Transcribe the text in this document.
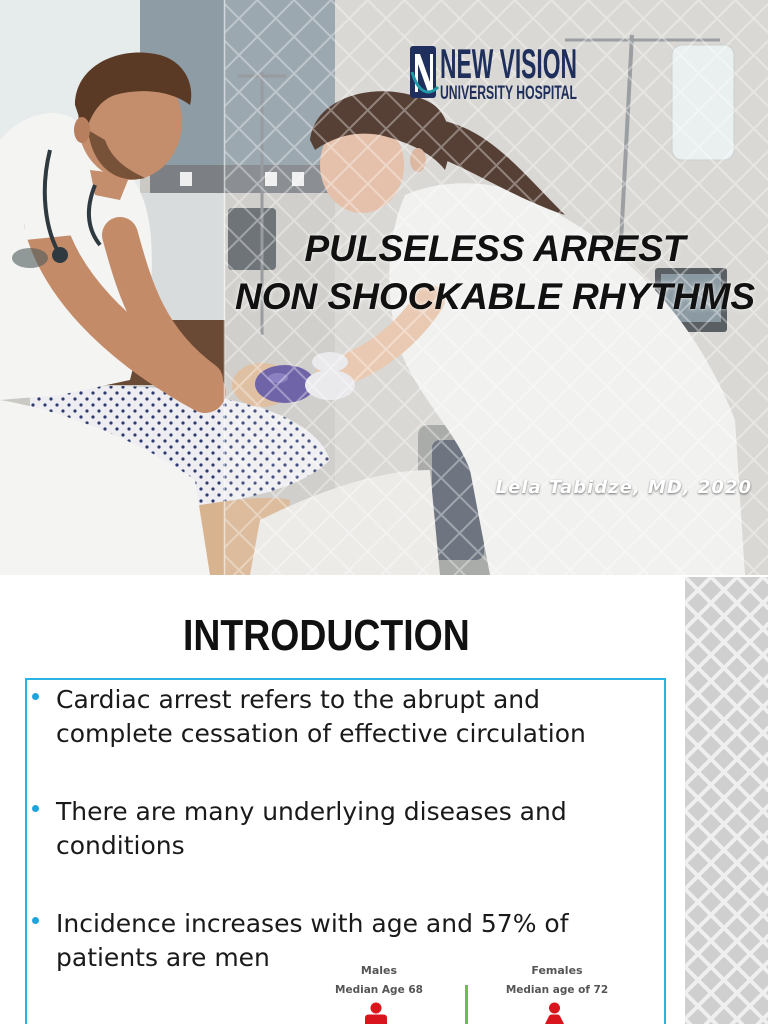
NEW VISION
UNIVERSITY HOSPITAL
PULSELESS ARREST
NON SHOCKABLE RHYTHMS
Lela Tabidze, MD, 2020
INTRODUCTION
Cardiac arrest refers to the abrupt and
complete cessation of effective circulation
There are many underlying diseases and
conditions
Incidence increases with age and 57% of
patients are men	Males
Median Age 68
Females
Median age of 72
